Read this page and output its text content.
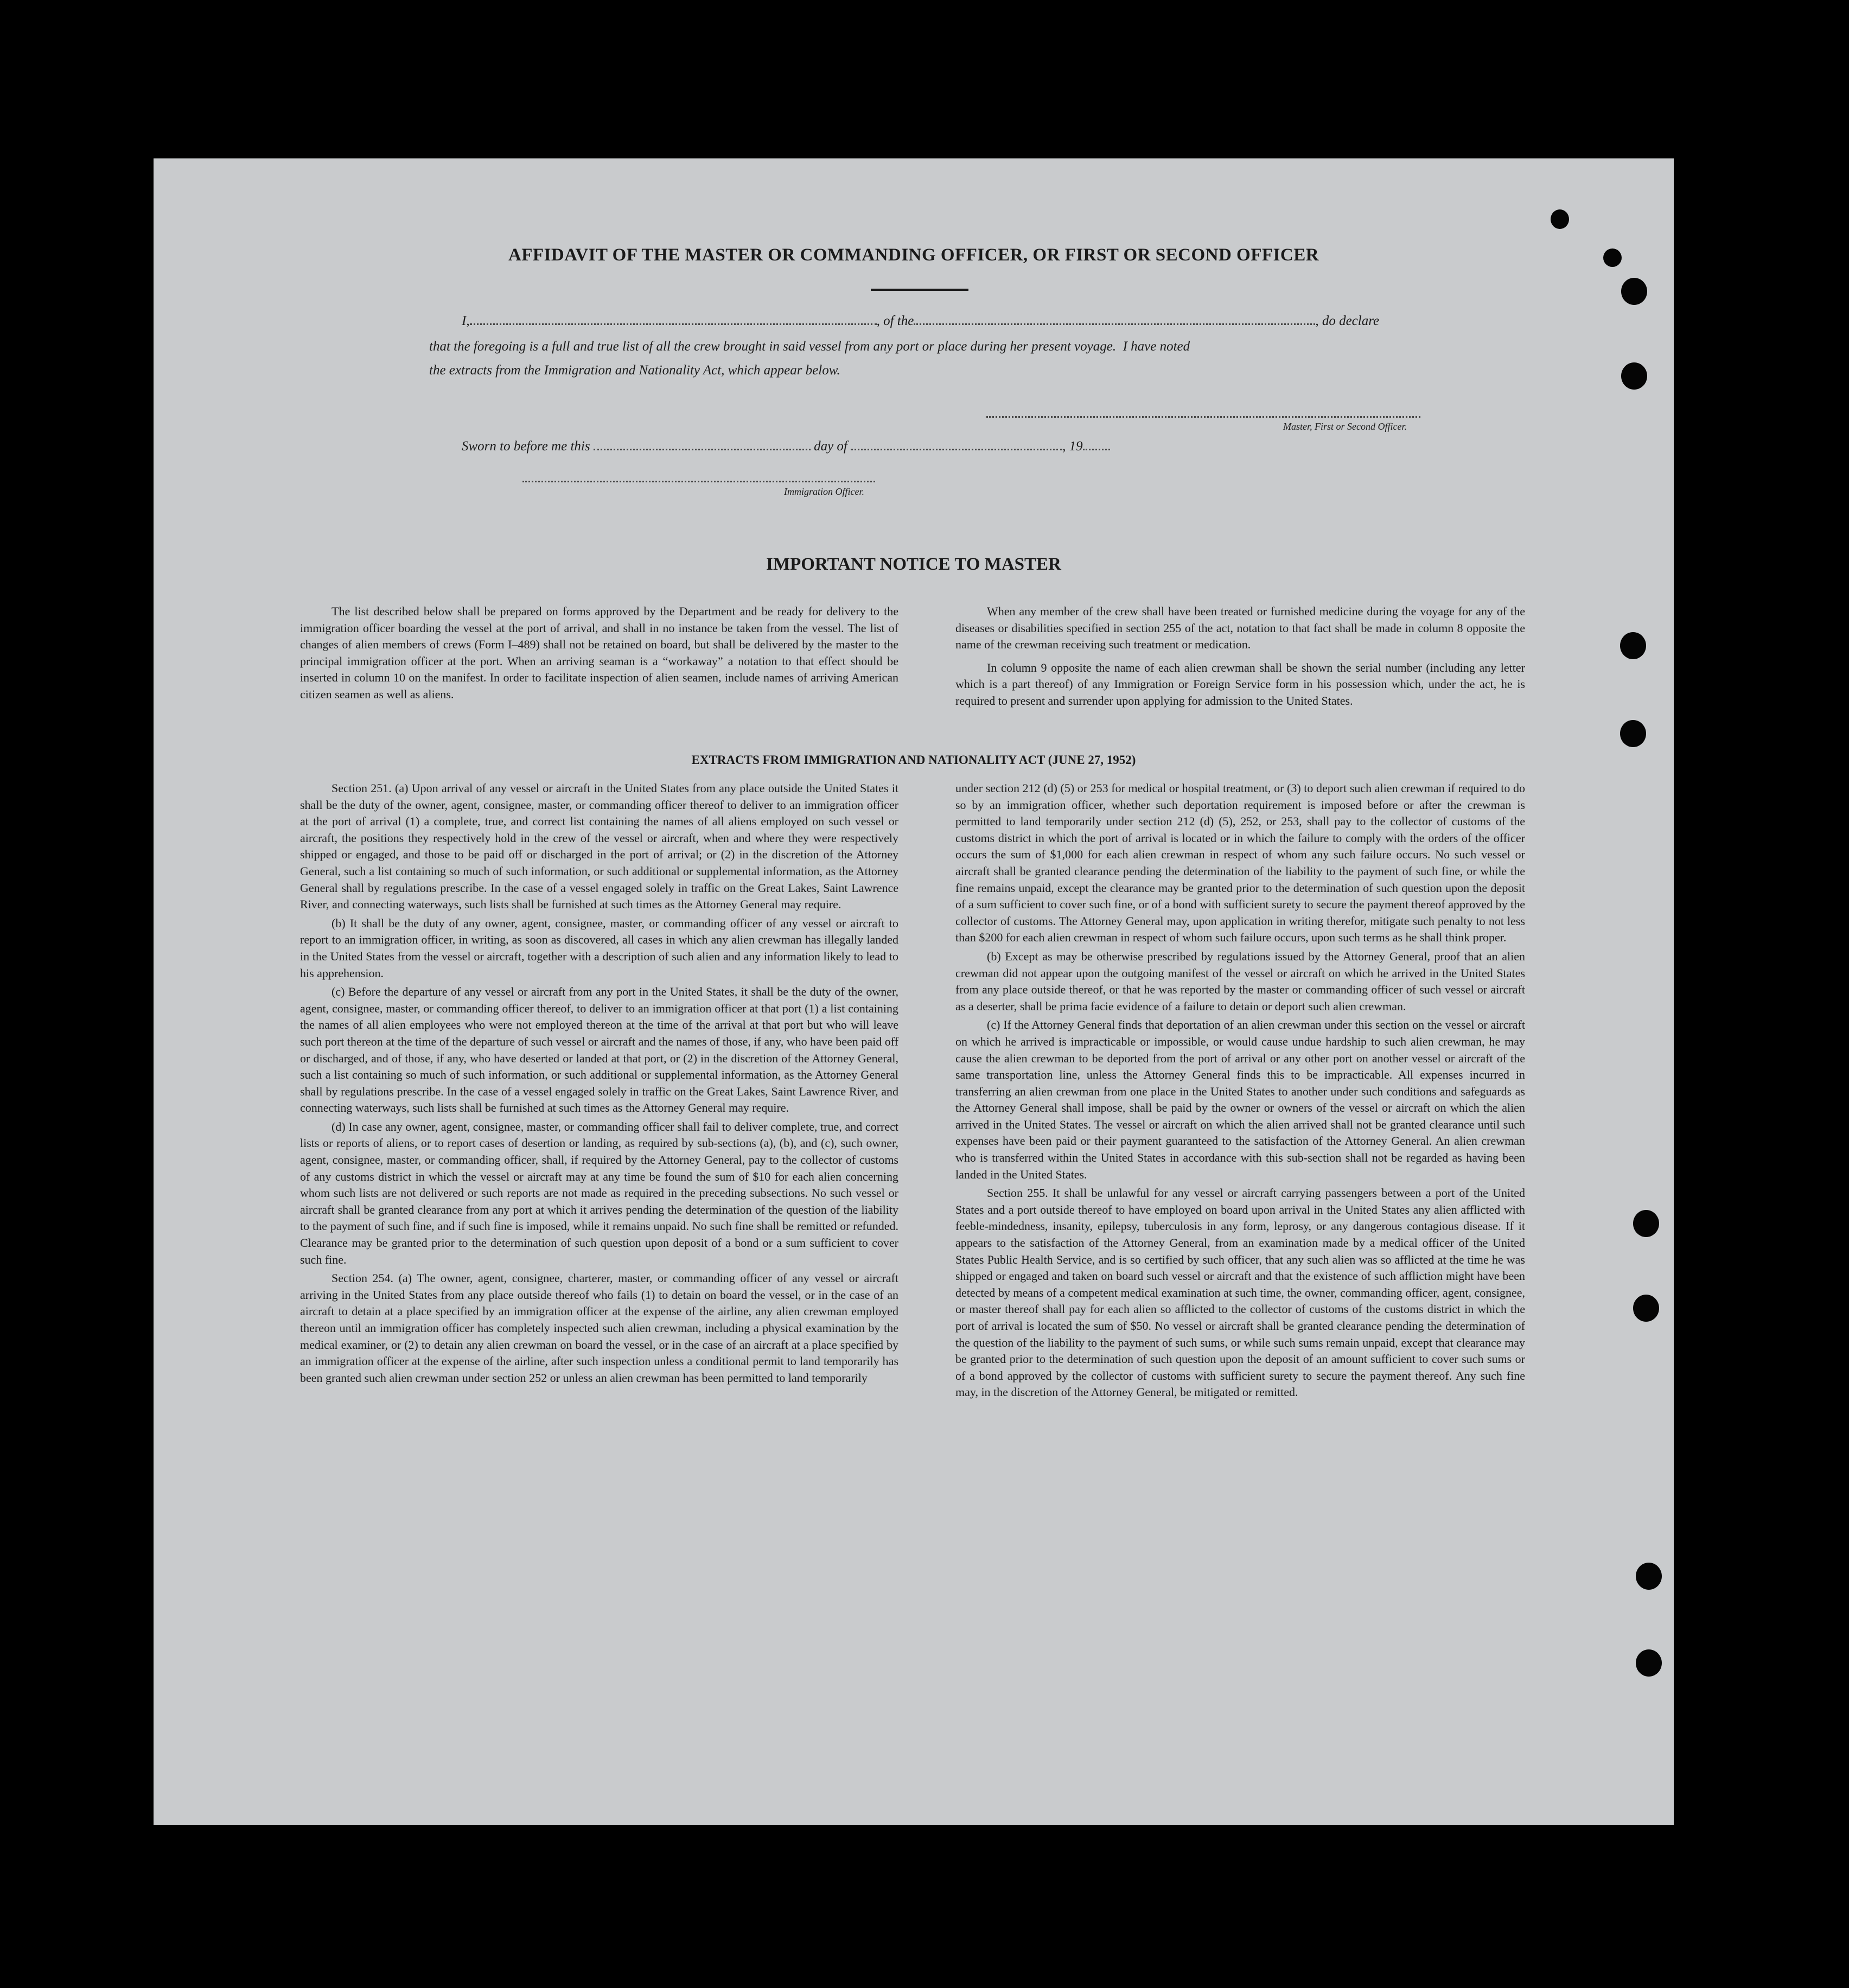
AFFIDAVIT OF THE MASTER OR COMMANDING OFFICER, OR FIRST OR SECOND OFFICER
I,	, of the	, do declare
that the foregoing is a full and true list of all the crew brought in said vessel from any port or place during her present voyage.  I have noted
the extracts from the Immigration and Nationality Act, which appear below.
Master, First or Second Officer.
Sworn to before me this	day of	, 19
Immigration Officer.
IMPORTANT NOTICE TO MASTER

The list described below shall be prepared on forms approved by the Department and be ready for delivery to the immigration officer boarding the vessel at the port of arrival, and shall in no instance be taken from the vessel. The list of changes of alien members of crews (Form I–489) shall not be retained on board, but shall be delivered by the master to the principal immigration officer at the port. When an arriving seaman is a “workaway” a notation to that effect should be inserted in column 10 on the manifest. In order to facilitate inspection of alien seamen, include names of arriving American citizen seamen as well as aliens.

When any member of the crew shall have been treated or furnished medicine during the voyage for any of the diseases or disabilities specified in section 255 of the act, notation to that fact shall be made in column 8 opposite the name of the crewman receiving such treatment or medication.

In column 9 opposite the name of each alien crewman shall be shown the serial number (including any letter which is a part thereof) of any Immigration or Foreign Service form in his possession which, under the act, he is required to present and surrender upon applying for admission to the United States.

EXTRACTS FROM IMMIGRATION AND NATIONALITY ACT (JUNE 27, 1952)

Section 251. (a) Upon arrival of any vessel or aircraft in the United States from any place outside the United States it shall be the duty of the owner, agent, consignee, master, or commanding officer thereof to deliver to an immigration officer at the port of arrival (1) a complete, true, and correct list containing the names of all aliens employed on such vessel or aircraft, the positions they respectively hold in the crew of the vessel or aircraft, when and where they were respectively shipped or engaged, and those to be paid off or discharged in the port of arrival; or (2) in the discretion of the Attorney General, such a list containing so much of such information, or such additional or supplemental information, as the Attorney General shall by regulations prescribe. In the case of a vessel engaged solely in traffic on the Great Lakes, Saint Lawrence River, and connecting waterways, such lists shall be furnished at such times as the Attorney General may require.

(b) It shall be the duty of any owner, agent, consignee, master, or commanding officer of any vessel or aircraft to report to an immigration officer, in writing, as soon as discovered, all cases in which any alien crewman has illegally landed in the United States from the vessel or aircraft, together with a description of such alien and any information likely to lead to his apprehension.

(c) Before the departure of any vessel or aircraft from any port in the United States, it shall be the duty of the owner, agent, consignee, master, or commanding officer thereof, to deliver to an immigration officer at that port (1) a list containing the names of all alien employees who were not employed thereon at the time of the arrival at that port but who will leave such port thereon at the time of the departure of such vessel or aircraft and the names of those, if any, who have been paid off or discharged, and of those, if any, who have deserted or landed at that port, or (2) in the discretion of the Attorney General, such a list containing so much of such information, or such additional or supplemental information, as the Attorney General shall by regulations prescribe. In the case of a vessel engaged solely in traffic on the Great Lakes, Saint Lawrence River, and connecting waterways, such lists shall be furnished at such times as the Attorney General may require.

(d) In case any owner, agent, consignee, master, or commanding officer shall fail to deliver complete, true, and correct lists or reports of aliens, or to report cases of desertion or landing, as required by sub-sections (a), (b), and (c), such owner, agent, consignee, master, or commanding officer, shall, if required by the Attorney General, pay to the collector of customs of any customs district in which the vessel or aircraft may at any time be found the sum of $10 for each alien concerning whom such lists are not delivered or such reports are not made as required in the preceding subsections. No such vessel or aircraft shall be granted clearance from any port at which it arrives pending the determination of the question of the liability to the payment of such fine, and if such fine is imposed, while it remains unpaid. No such fine shall be remitted or refunded. Clearance may be granted prior to the determination of such question upon deposit of a bond or a sum sufficient to cover such fine.

Section 254. (a) The owner, agent, consignee, charterer, master, or commanding officer of any vessel or aircraft arriving in the United States from any place outside thereof who fails (1) to detain on board the vessel, or in the case of an aircraft to detain at a place specified by an immigration officer at the expense of the airline, any alien crewman employed thereon until an immigration officer has completely inspected such alien crewman, including a physical examination by the medical examiner, or (2) to detain any alien crewman on board the vessel, or in the case of an aircraft at a place specified by an immigration officer at the expense of the airline, after such inspection unless a conditional permit to land temporarily has been granted such alien crewman under section 252 or unless an alien crewman has been permitted to land temporarily

under section 212 (d) (5) or 253 for medical or hospital treatment, or (3) to deport such alien crewman if required to do so by an immigration officer, whether such deportation requirement is imposed before or after the crewman is permitted to land temporarily under section 212 (d) (5), 252, or 253, shall pay to the collector of customs of the customs district in which the port of arrival is located or in which the failure to comply with the orders of the officer occurs the sum of $1,000 for each alien crewman in respect of whom any such failure occurs. No such vessel or aircraft shall be granted clearance pending the determination of the liability to the payment of such fine, or while the fine remains unpaid, except the clearance may be granted prior to the determination of such question upon the deposit of a sum sufficient to cover such fine, or of a bond with sufficient surety to secure the payment thereof approved by the collector of customs. The Attorney General may, upon application in writing therefor, mitigate such penalty to not less than $200 for each alien crewman in respect of whom such failure occurs, upon such terms as he shall think proper.

(b) Except as may be otherwise prescribed by regulations issued by the Attorney General, proof that an alien crewman did not appear upon the outgoing manifest of the vessel or aircraft on which he arrived in the United States from any place outside thereof, or that he was reported by the master or commanding officer of such vessel or aircraft as a deserter, shall be prima facie evidence of a failure to detain or deport such alien crewman.

(c) If the Attorney General finds that deportation of an alien crewman under this section on the vessel or aircraft on which he arrived is impracticable or impossible, or would cause undue hardship to such alien crewman, he may cause the alien crewman to be deported from the port of arrival or any other port on another vessel or aircraft of the same transportation line, unless the Attorney General finds this to be impracticable. All expenses incurred in transferring an alien crewman from one place in the United States to another under such conditions and safeguards as the Attorney General shall impose, shall be paid by the owner or owners of the vessel or aircraft on which the alien arrived in the United States. The vessel or aircraft on which the alien arrived shall not be granted clearance until such expenses have been paid or their payment guaranteed to the satisfaction of the Attorney General. An alien crewman who is transferred within the United States in accordance with this sub-section shall not be regarded as having been landed in the United States.

Section 255. It shall be unlawful for any vessel or aircraft carrying passengers between a port of the United States and a port outside thereof to have employed on board upon arrival in the United States any alien afflicted with feeble-mindedness, insanity, epilepsy, tuberculosis in any form, leprosy, or any dangerous contagious disease. If it appears to the satisfaction of the Attorney General, from an examination made by a medical officer of the United States Public Health Service, and is so certified by such officer, that any such alien was so afflicted at the time he was shipped or engaged and taken on board such vessel or aircraft and that the existence of such affliction might have been detected by means of a competent medical examination at such time, the owner, commanding officer, agent, consignee, or master thereof shall pay for each alien so afflicted to the collector of customs of the customs district in which the port of arrival is located the sum of $50. No vessel or aircraft shall be granted clearance pending the determination of the question of the liability to the payment of such sums, or while such sums remain unpaid, except that clearance may be granted prior to the determination of such question upon the deposit of an amount sufficient to cover such sums or of a bond approved by the collector of customs with sufficient surety to secure the payment thereof. Any such fine may, in the discretion of the Attorney General, be mitigated or remitted.
